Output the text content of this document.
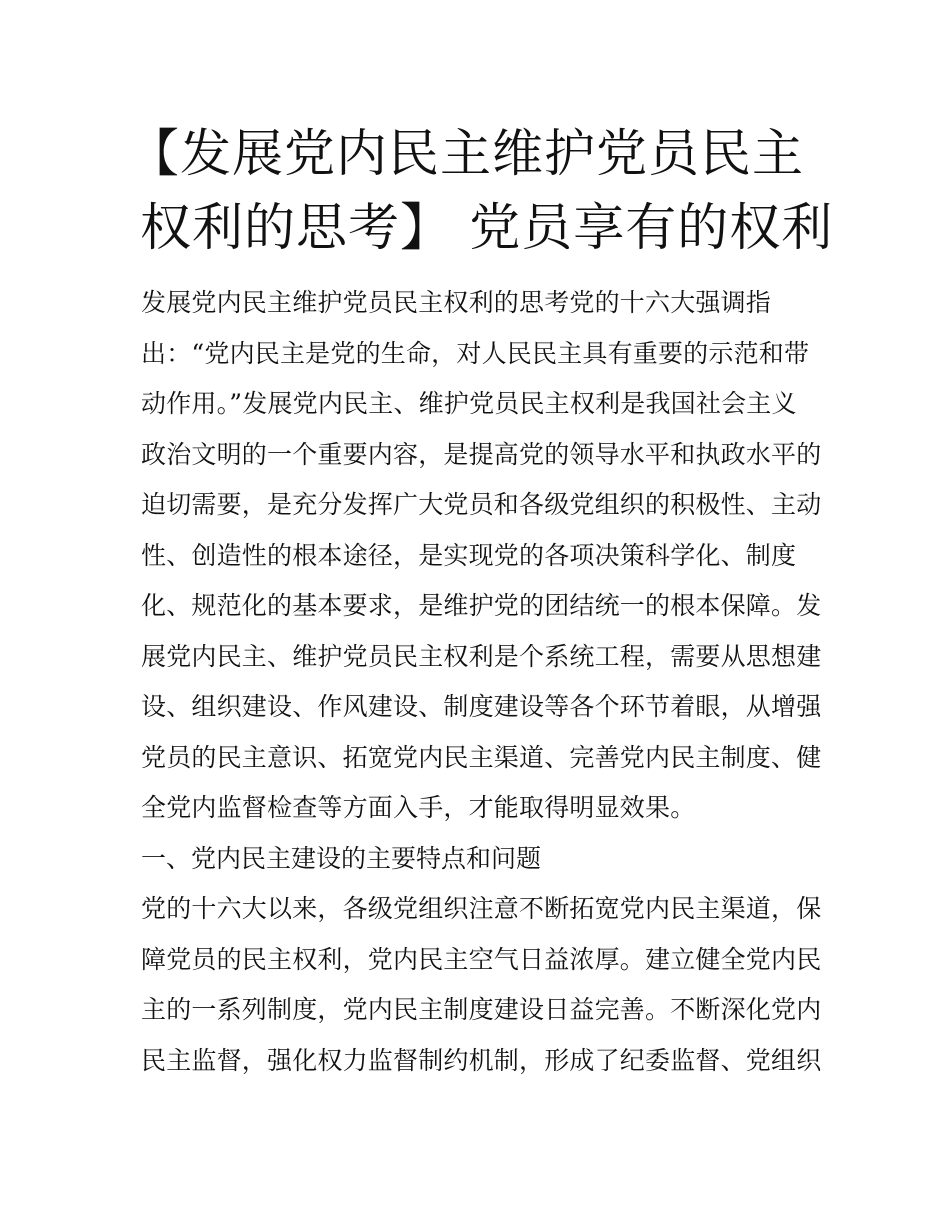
【发展党内民主维护党员民主
权利的思考】 党员享有的权利
发展党内民主维护党员民主权利的思考党的十六大强调指
出：“党内民主是党的生命，对人民民主具有重要的示范和带
动作用。”发展党内民主、维护党员民主权利是我国社会主义
政治文明的一个重要内容，是提高党的领导水平和执政水平的
迫切需要，是充分发挥广大党员和各级党组织的积极性、主动
性、创造性的根本途径，是实现党的各项决策科学化、制度
化、规范化的基本要求，是维护党的团结统一的根本保障。发
展党内民主、维护党员民主权利是个系统工程，需要从思想建
设、组织建设、作风建设、制度建设等各个环节着眼，从增强
党员的民主意识、拓宽党内民主渠道、完善党内民主制度、健
全党内监督检查等方面入手，才能取得明显效果。
一、党内民主建设的主要特点和问题
党的十六大以来，各级党组织注意不断拓宽党内民主渠道，保
障党员的民主权利，党内民主空气日益浓厚。建立健全党内民
主的一系列制度，党内民主制度建设日益完善。不断深化党内
民主监督，强化权力监督制约机制，形成了纪委监督、党组织
